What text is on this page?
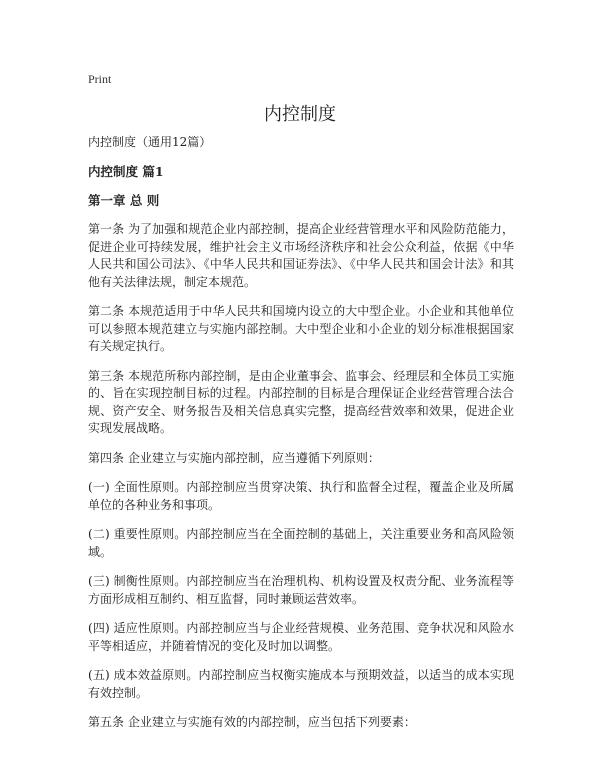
Print
内控制度

内控制度（通用12篇）

内控制度 篇1

第一章 总 则

第一条 为了加强和规范企业内部控制，提高企业经营管理水平和风险防范能力，促进企业可持续发展，维护社会主义市场经济秩序和社会公众利益，依据《中华人民共和国公司法》、《中华人民共和国证券法》、《中华人民共和国会计法》和其他有关法律法规，制定本规范。

第二条 本规范适用于中华人民共和国境内设立的大中型企业。小企业和其他单位可以参照本规范建立与实施内部控制。大中型企业和小企业的划分标准根据国家有关规定执行。

第三条 本规范所称内部控制，是由企业董事会、监事会、经理层和全体员工实施的、旨在实现控制目标的过程。内部控制的目标是合理保证企业经营管理合法合规、资产安全、财务报告及相关信息真实完整，提高经营效率和效果，促进企业实现发展战略。

第四条 企业建立与实施内部控制，应当遵循下列原则：

(一) 全面性原则。内部控制应当贯穿决策、执行和监督全过程，覆盖企业及所属单位的各种业务和事项。

(二) 重要性原则。内部控制应当在全面控制的基础上，关注重要业务和高风险领域。

(三) 制衡性原则。内部控制应当在治理机构、机构设置及权责分配、业务流程等方面形成相互制约、相互监督，同时兼顾运营效率。

(四) 适应性原则。内部控制应当与企业经营规模、业务范围、竞争状况和风险水平等相适应，并随着情况的变化及时加以调整。

(五) 成本效益原则。内部控制应当权衡实施成本与预期效益，以适当的成本实现有效控制。

第五条 企业建立与实施有效的内部控制，应当包括下列要素：
